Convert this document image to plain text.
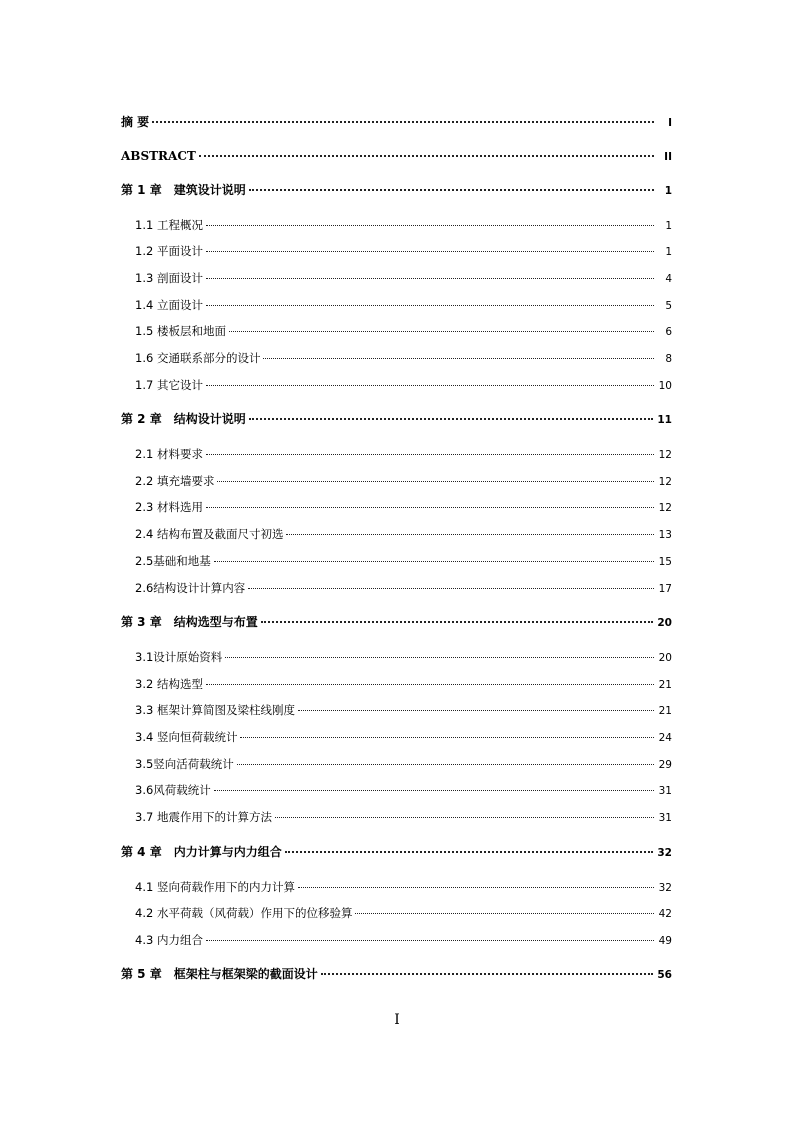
摘 要	I
ABSTRACT	II
第 1 章 建筑设计说明	1
1.1 工程概况	1
1.2 平面设计	1
1.3 剖面设计	4
1.4 立面设计	5
1.5 楼板层和地面	6
1.6 交通联系部分的设计	8
1.7 其它设计	10
第 2 章 结构设计说明	11
2.1 材料要求	12
2.2 填充墙要求	12
2.3 材料选用	12
2.4 结构布置及截面尺寸初选	13
2.5基础和地基	15
2.6结构设计计算内容	17
第 3 章 结构选型与布置	20
3.1设计原始资料	20
3.2 结构选型	21
3.3 框架计算简图及梁柱线刚度	21
3.4 竖向恒荷载统计	24
3.5竖向活荷载统计	29
3.6风荷载统计	31
3.7 地震作用下的计算方法	31
第 4 章 内力计算与内力组合	32
4.1 竖向荷载作用下的内力计算	32
4.2 水平荷载（风荷载）作用下的位移验算	42
4.3 内力组合	49
第 5 章 框架柱与框架梁的截面设计	56
I
